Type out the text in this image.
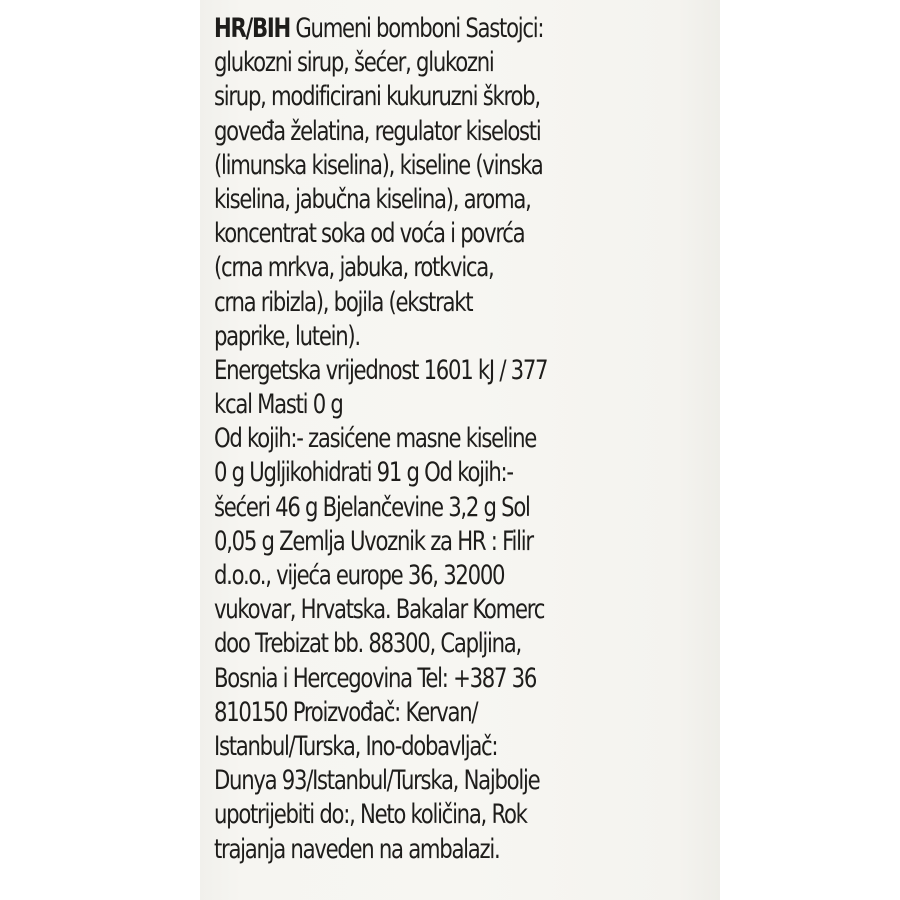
HR/BIH Gumeni bomboni Sastojci:
glukozni sirup, šećer, glukozni
sirup, modificirani kukuruzni škrob,
goveđa želatina, regulator kiselosti
(limunska kiselina), kiseline (vinska
kiselina, jabučna kiselina), aroma,
koncentrat soka od voća i povrća
(crna mrkva, jabuka, rotkvica,
crna ribizla), bojila (ekstrakt
paprike, lutein).
Energetska vrijednost 1601 kJ / 377
kcal Masti 0 g
Od kojih:- zasićene masne kiseline
0 g Ugljikohidrati 91 g Od kojih:-
šećeri 46 g Bjelančevine 3,2 g Sol
0,05 g Zemlja Uvoznik za HR : Filir
d.o.o., vijeća europe 36, 32000
vukovar, Hrvatska. Bakalar Komerc
doo Trebizat bb. 88300, Capljina,
Bosnia i Hercegovina Tel: +387 36
810150 Proizvođač: Kervan/
Istanbul/Turska, Ino-dobavljač:
Dunya 93/Istanbul/Turska, Najbolje
upotrijebiti do:, Neto količina, Rok
trajanja naveden na ambalazi.
